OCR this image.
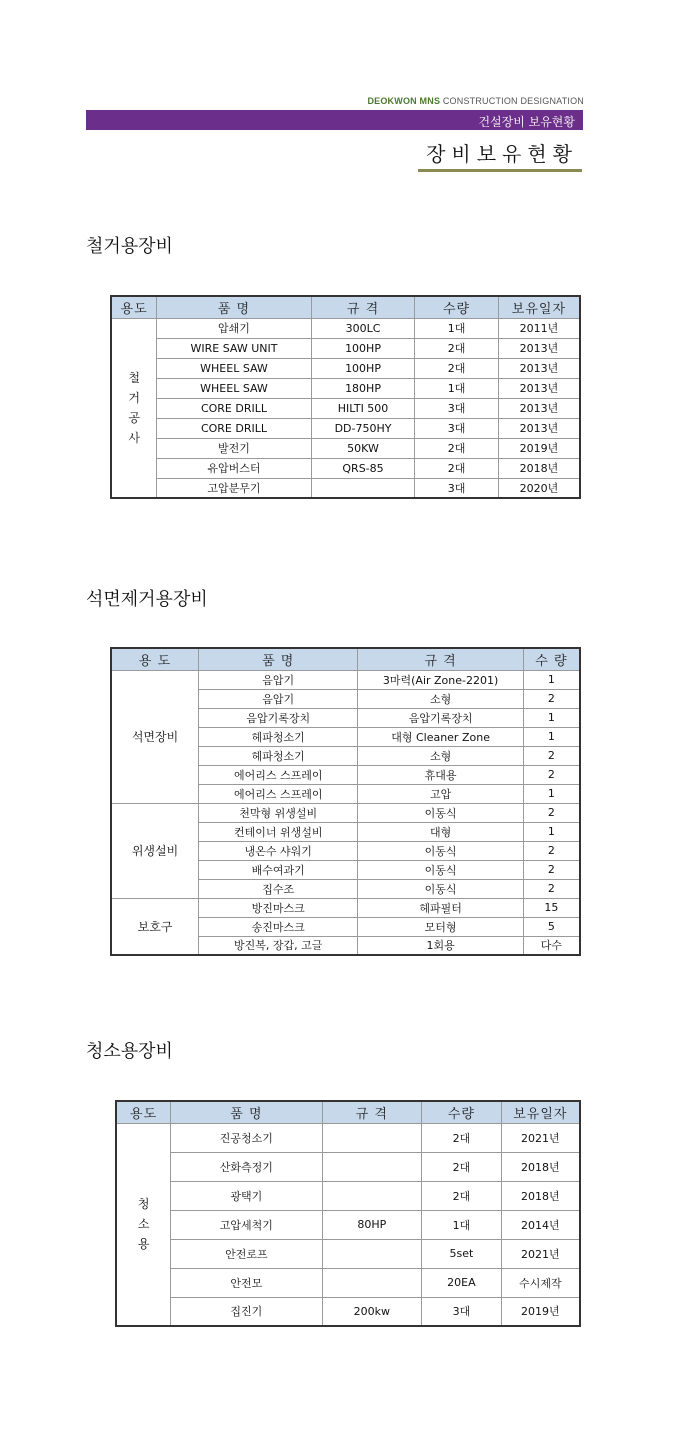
DEOKWON MNS CONSTRUCTION DESIGNATION
건설장비 보유현황
장비보유현황
철거용장비
용도	품 명	규 격	수량	보유일자
철
거
공
사	압쇄기	300LC	1대	2011년
	WIRE SAW UNIT	100HP	2대	2013년
	WHEEL SAW	100HP	2대	2013년
	WHEEL SAW	180HP	1대	2013년
	CORE DRILL	HILTI 500	3대	2013년
	CORE DRILL	DD-750HY	3대	2013년
	발전기	50KW	2대	2019년
	유압버스터	QRS-85	2대	2018년
	고압분무기		3대	2020년
석면제거용장비
용 도	품 명	규 격	수 량
석면장비	음압기	3마력(Air Zone-2201)	1
	음압기	소형	2
	음압기록장치	음압기록장치	1
	헤파청소기	대형 Cleaner Zone	1
	헤파청소기	소형	2
	에어리스 스프레이	휴대용	2
	에어리스 스프레이	고압	1
위생설비	천막형 위생설비	이동식	2
	컨테이너 위생설비	대형	1
	냉온수 샤워기	이동식	2
	배수여과기	이동식	2
	집수조	이동식	2
보호구	방진마스크	헤파필터	15
	송진마스크	모터형	5
	방진복, 장갑, 고글	1회용	다수
청소용장비
용도	품 명	규 격	수량	보유일자
청
소
용	진공청소기		2대	2021년
	산화측정기		2대	2018년
	광택기		2대	2018년
	고압세척기	80HP	1대	2014년
	안전로프		5set	2021년
	안전모		20EA	수시제작
	집진기	200kw	3대	2019년
